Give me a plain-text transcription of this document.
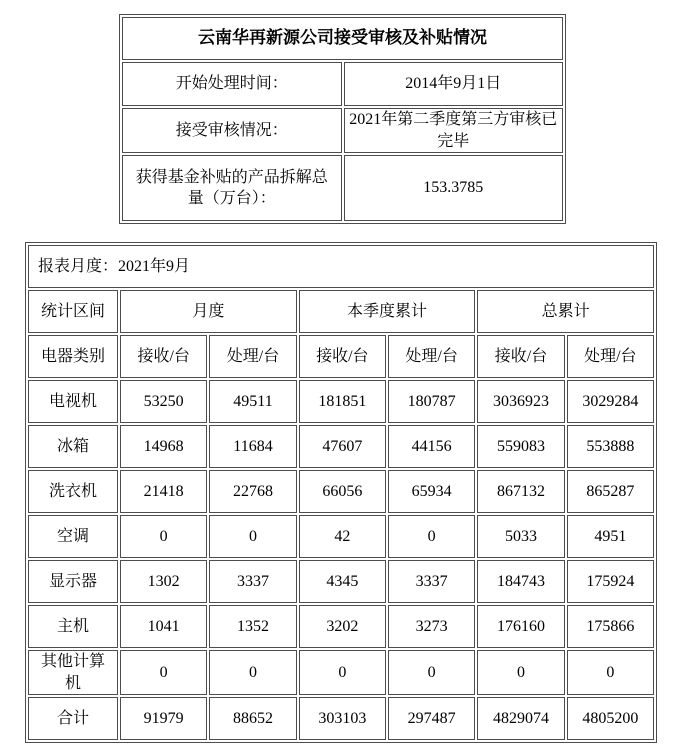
云南华再新源公司接受审核及补贴情况	
开始处理时间：	2014年9月1日
接受审核情况：	2021年第二季度第三方审核已完毕
获得基金补贴的产品拆解总量（万台）：	153.3785
报表月度：2021年9月						
统计区间	月度		本季度累计		总累计	
电器类别	接收/台	处理/台	接收/台	处理/台	接收/台	处理/台
电视机	53250	49511	181851	180787	3036923	3029284
冰箱	14968	11684	47607	44156	559083	553888
洗衣机	21418	22768	66056	65934	867132	865287
空调	0	0	42	0	5033	4951
显示器	1302	3337	4345	3337	184743	175924
主机	1041	1352	3202	3273	176160	175866
其他计算机	0	0	0	0	0	0
合计	91979	88652	303103	297487	4829074	4805200
